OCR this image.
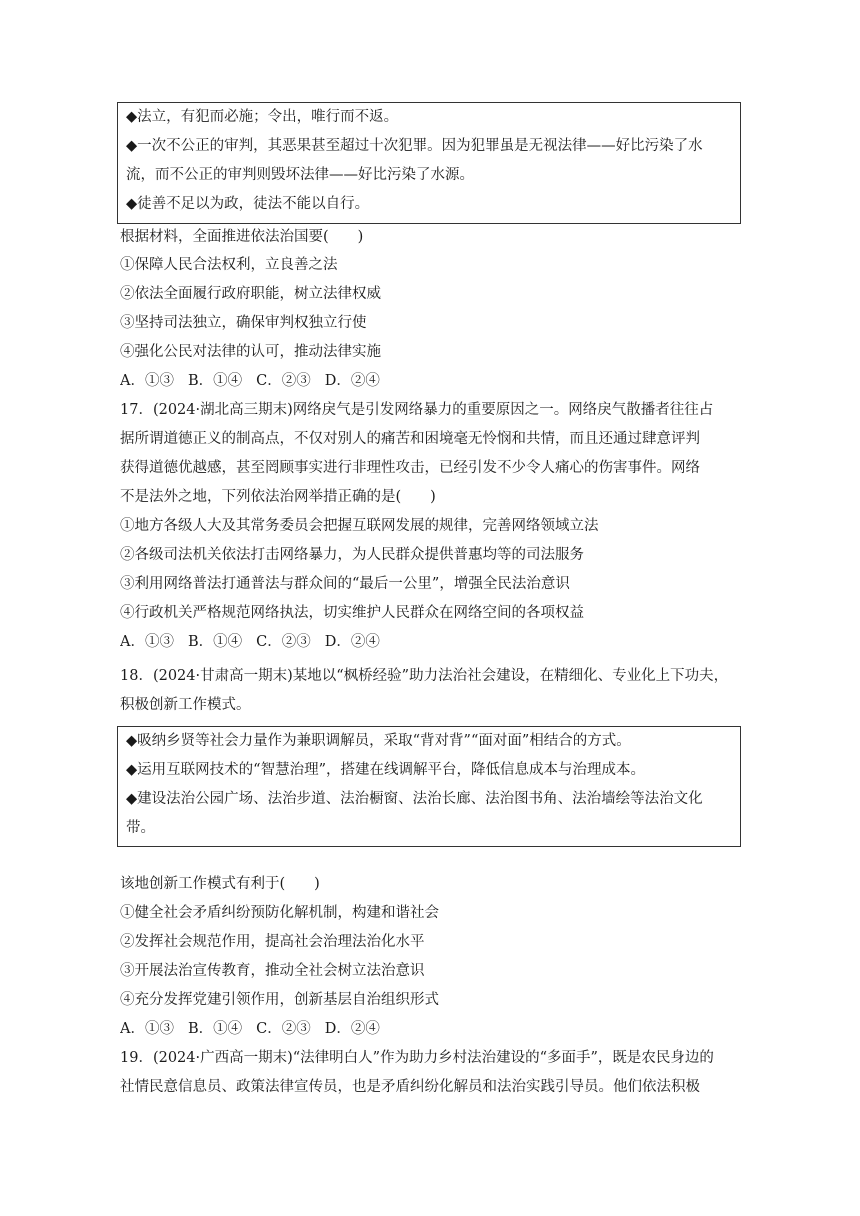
◆法立，有犯而必施；令出，唯行而不返。
◆一次不公正的审判，其恶果甚至超过十次犯罪。因为犯罪虽是无视法律——好比污染了水
流，而不公正的审判则毁坏法律——好比污染了水源。
◆徒善不足以为政，徒法不能以自行。
根据材料，全面推进依法治国要(　　)
①保障人民合法权利，立良善之法
②依法全面履行政府职能，树立法律权威
③坚持司法独立，确保审判权独立行使
④强化公民对法律的认可，推动法律实施
A．①③ B．①④ C．②③ D．②④
17．(2024·湖北高三期末)网络戾气是引发网络暴力的重要原因之一。网络戾气散播者往往占
据所谓道德正义的制高点，不仅对别人的痛苦和困境毫无怜悯和共情，而且还通过肆意评判
获得道德优越感，甚至罔顾事实进行非理性攻击，已经引发不少令人痛心的伤害事件。网络
不是法外之地，下列依法治网举措正确的是(　　)
①地方各级人大及其常务委员会把握互联网发展的规律，完善网络领域立法
②各级司法机关依法打击网络暴力，为人民群众提供普惠均等的司法服务
③利用网络普法打通普法与群众间的“最后一公里”，增强全民法治意识
④行政机关严格规范网络执法，切实维护人民群众在网络空间的各项权益
A．①③ B．①④ C．②③ D．②④
18．(2024·甘肃高一期末)某地以“枫桥经验”助力法治社会建设，在精细化、专业化上下功夫，
积极创新工作模式。
◆吸纳乡贤等社会力量作为兼职调解员，采取“背对背”“面对面”相结合的方式。
◆运用互联网技术的“智慧治理”，搭建在线调解平台，降低信息成本与治理成本。
◆建设法治公园广场、法治步道、法治橱窗、法治长廊、法治图书角、法治墙绘等法治文化
带。
该地创新工作模式有利于(　　)
①健全社会矛盾纠纷预防化解机制，构建和谐社会
②发挥社会规范作用，提高社会治理法治化水平
③开展法治宣传教育，推动全社会树立法治意识
④充分发挥党建引领作用，创新基层自治组织形式
A．①③ B．①④ C．②③ D．②④
19．(2024·广西高一期末)“法律明白人”作为助力乡村法治建设的“多面手”，既是农民身边的
社情民意信息员、政策法律宣传员，也是矛盾纠纷化解员和法治实践引导员。他们依法积极
